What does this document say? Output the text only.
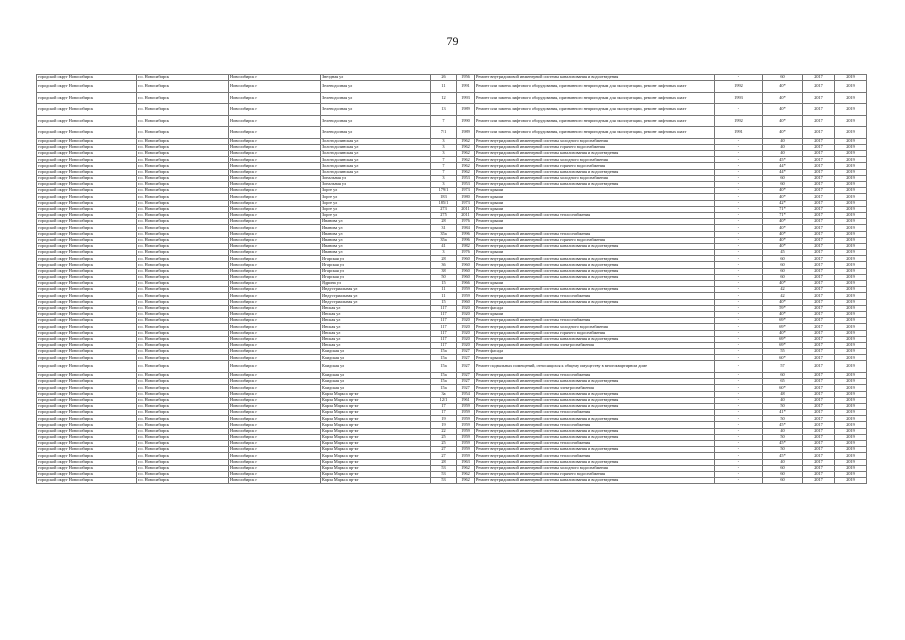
79
городской округ Новосибирск	г.о. Новосибирск	Новосибирск г	Звездная ул	26	1956	Ремонт внутридомовой инженерной системы канализования и водоотведения	-	60	2017	2019
городской округ Новосибирск	г.о. Новосибирск	Новосибирск г	Зеленодолная ул	11	1991	Ремонт или замена лифтового оборудования, признанного непригодным для эксплуатации, ремонт лифтовых шахт	1992	40*	2017	2019
городской округ Новосибирск	г.о. Новосибирск	Новосибирск г	Зеленодолная ул	12	1993	Ремонт или замена лифтового оборудования, признанного непригодным для эксплуатации, ремонт лифтовых шахт	1993	40*	2017	2019
городской округ Новосибирск	г.о. Новосибирск	Новосибирск г	Зеленодолная ул	13	1989	Ремонт или замена лифтового оборудования, признанного непригодным для эксплуатации, ремонт лифтовых шахт	-	40*	2017	2019
городской округ Новосибирск	г.о. Новосибирск	Новосибирск г	Зеленодолная ул	7	1990	Ремонт или замена лифтового оборудования, признанного непригодным для эксплуатации, ремонт лифтовых шахт	1992	40*	2017	2019
городской округ Новосибирск	г.о. Новосибирск	Новосибирск г	Зеленодолная ул	7/1	1989	Ремонт или замена лифтового оборудования, признанного непригодным для эксплуатации, ремонт лифтовых шахт	1991	40*	2017	2019
городской округ Новосибирск	г.о. Новосибирск	Новосибирск г	Золотодолинская ул	3	1962	Ремонт внутридомовой инженерной системы холодного водоснабжения	-	40	2017	2019
городской округ Новосибирск	г.о. Новосибирск	Новосибирск г	Золотодолинская ул	3	1962	Ремонт внутридомовой инженерной системы горячего водоснабжения	-	40	2017	2019
городской округ Новосибирск	г.о. Новосибирск	Новосибирск г	Золотодолинская ул	3	1962	Ремонт внутридомовой инженерной системы канализования и водоотведения	-	40	2017	2019
городской округ Новосибирск	г.о. Новосибирск	Новосибирск г	Золотодолинская ул	7	1962	Ремонт внутридомовой инженерной системы холодного водоснабжения	-	45*	2017	2019
городской округ Новосибирск	г.о. Новосибирск	Новосибирск г	Золотодолинская ул	7	1962	Ремонт внутридомовой инженерной системы горячего водоснабжения	-	44*	2017	2019
городской округ Новосибирск	г.о. Новосибирск	Новосибирск г	Золотодолинская ул	7	1962	Ремонт внутридомовой инженерной системы канализования и водоотведения	-	44*	2017	2019
городской округ Новосибирск	г.о. Новосибирск	Новосибирск г	Зональная ул	3	1953	Ремонт внутридомовой инженерной системы холодного водоснабжения	-	60	2017	2019
городской округ Новосибирск	г.о. Новосибирск	Новосибирск г	Зональная ул	3	1953	Ремонт внутридомовой инженерной системы канализования и водоотведения	-	60	2017	2019
городской округ Новосибирск	г.о. Новосибирск	Новосибирск г	Зорге ул	179/1	1973	Ремонт крыши	-	40*	2017	2019
городской округ Новосибирск	г.о. Новосибирск	Новосибирск г	Зорге ул	183	1980	Ремонт крыши	-	40*	2017	2019
городской округ Новосибирск	г.о. Новосибирск	Новосибирск г	Зорге ул	185/1	1973	Ремонт крыши	-	42*	2017	2019
городской округ Новосибирск	г.о. Новосибирск	Новосибирск г	Зорге ул	273	2011	Ремонт крыши	-	71*	2017	2019
городской округ Новосибирск	г.о. Новосибирск	Новосибирск г	Зорге ул	275	2011	Ремонт внутридомовой инженерной системы теплоснабжения	-	71*	2017	2019
городской округ Новосибирск	г.о. Новосибирск	Новосибирск г	Иванова ул	28	1976	Ремонт крыши	-	40*	2017	2019
городской округ Новосибирск	г.о. Новосибирск	Новосибирск г	Иванова ул	31	1984	Ремонт крыши	-	40*	2017	2019
городской округ Новосибирск	г.о. Новосибирск	Новосибирск г	Иванова ул	35а	1996	Ремонт внутридомовой инженерной системы теплоснабжения	-	40*	2017	2019
городской округ Новосибирск	г.о. Новосибирск	Новосибирск г	Иванова ул	35а	1996	Ремонт внутридомовой инженерной системы горячего водоснабжения	-	40*	2017	2019
городской округ Новосибирск	г.о. Новосибирск	Новосибирск г	Иванова ул	41	1982	Ремонт внутридомовой инженерной системы канализования и водоотведения	-	40*	2017	2019
городской округ Новосибирск	г.о. Новосибирск	Новосибирск г	Иванова ул	3	1976	Ремонт крыши	-	45	2017	2019
городской округ Новосибирск	г.о. Новосибирск	Новосибирск г	Игарская ул	28	1960	Ремонт внутридомовой инженерной системы канализования и водоотведения	-	60	2017	2019
городской округ Новосибирск	г.о. Новосибирск	Новосибирск г	Игарская ул	36	1960	Ремонт внутридомовой инженерной системы канализования и водоотведения	-	60	2017	2019
городской округ Новосибирск	г.о. Новосибирск	Новосибирск г	Игарская ул	38	1960	Ремонт внутридомовой инженерной системы канализования и водоотведения	-	60	2017	2019
городской округ Новосибирск	г.о. Новосибирск	Новосибирск г	Игарская ул	50	1960	Ремонт внутридомовой инженерной системы канализования и водоотведения	-	60	2017	2019
городской округ Новосибирск	г.о. Новосибирск	Новосибирск г	Ядрина ул	15	1966	Ремонт крыши	-	40*	2017	2019
городской округ Новосибирск	г.о. Новосибирск	Новосибирск г	Индустриальная ул	11	1959	Ремонт внутридомовой инженерной системы канализования и водоотведения	-	42	2017	2019
городской округ Новосибирск	г.о. Новосибирск	Новосибирск г	Индустриальная ул	11	1959	Ремонт внутридомовой инженерной системы теплоснабжения	-	42	2017	2019
городской округ Новосибирск	г.о. Новосибирск	Новосибирск г	Индустриальная ул	15	1960	Ремонт внутридомовой инженерной системы канализования и водоотведения	-	40*	2017	2019
городской округ Новосибирск	г.о. Новосибирск	Новосибирск г	Инская ул	117	1920	Ремонт фасада	-	59*	2017	2019
городской округ Новосибирск	г.о. Новосибирск	Новосибирск г	Инская ул	117	1920	Ремонт крыши	-	40*	2017	2019
городской округ Новосибирск	г.о. Новосибирск	Новосибирск г	Инская ул	117	1920	Ремонт внутридомовой инженерной системы теплоснабжения	-	69*	2017	2019
городской округ Новосибирск	г.о. Новосибирск	Новосибирск г	Инская ул	117	1920	Ремонт внутридомовой инженерной системы холодного водоснабжения	-	69*	2017	2019
городской округ Новосибирск	г.о. Новосибирск	Новосибирск г	Инская ул	117	1920	Ремонт внутридомовой инженерной системы горячего водоснабжения	-	40*	2017	2019
городской округ Новосибирск	г.о. Новосибирск	Новосибирск г	Инская ул	117	1920	Ремонт внутридомовой инженерной системы канализования и водоотведения	-	69*	2017	2019
городской округ Новосибирск	г.о. Новосибирск	Новосибирск г	Инская ул	117	1920	Ремонт внутридомовой инженерной системы электроснабжения	-	69*	2017	2019
городской округ Новосибирск	г.о. Новосибирск	Новосибирск г	Каидская ул	15а	1927	Ремонт фасада	-	55	2017	2019
городской округ Новосибирск	г.о. Новосибирск	Новосибирск г	Каидская ул	15а	1927	Ремонт крыши	-	60*	2017	2019
городской округ Новосибирск	г.о. Новосибирск	Новосибирск г	Каидская ул	15а	1927	Ремонт подвальных помещений, относящихся к общему имуществу в многоквартирном доме	-	57	2017	2019
городской округ Новосибирск	г.о. Новосибирск	Новосибирск г	Каидская ул	15а	1927	Ремонт внутридомовой инженерной системы теплоснабжения	-	60	2017	2019
городской округ Новосибирск	г.о. Новосибирск	Новосибирск г	Каидская ул	15а	1927	Ремонт внутридомовой инженерной системы канализования и водоотведения	-	65	2017	2019
городской округ Новосибирск	г.о. Новосибирск	Новосибирск г	Каидская ул	15а	1927	Ремонт внутридомовой инженерной системы электроснабжения	-	60*	2017	2019
городской округ Новосибирск	г.о. Новосибирск	Новосибирск г	Карла Маркса пр-кт	3а	1954	Ремонт внутридомовой инженерной системы канализования и водоотведения	-	48	2017	2019
городской округ Новосибирск	г.о. Новосибирск	Новосибирск г	Карла Маркса пр-кт	12/1	1961	Ремонт внутридомовой инженерной системы канализования и водоотведения	-	40	2017	2019
городской округ Новосибирск	г.о. Новосибирск	Новосибирск г	Карла Маркса пр-кт	17	1959	Ремонт внутридомовой инженерной системы канализования и водоотведения	-	50	2017	2019
городской округ Новосибирск	г.о. Новосибирск	Новосибирск г	Карла Маркса пр-кт	17	1959	Ремонт внутридомовой инженерной системы теплоснабжения	-	41*	2017	2019
городской округ Новосибирск	г.о. Новосибирск	Новосибирск г	Карла Маркса пр-кт	19	1959	Ремонт внутридомовой инженерной системы канализования и водоотведения	-	50	2017	2019
городской округ Новосибирск	г.о. Новосибирск	Новосибирск г	Карла Маркса пр-кт	19	1959	Ремонт внутридомовой инженерной системы теплоснабжения	-	45*	2017	2019
городской округ Новосибирск	г.о. Новосибирск	Новосибирск г	Карла Маркса пр-кт	22	1959	Ремонт внутридомовой инженерной системы канализования и водоотведения	-	40	2017	2019
городской округ Новосибирск	г.о. Новосибирск	Новосибирск г	Карла Маркса пр-кт	25	1959	Ремонт внутридомовой инженерной системы канализования и водоотведения	-	50	2017	2019
городской округ Новосибирск	г.о. Новосибирск	Новосибирск г	Карла Маркса пр-кт	25	1959	Ремонт внутридомовой инженерной системы теплоснабжения	-	45*	2017	2019
городской округ Новосибирск	г.о. Новосибирск	Новосибирск г	Карла Маркса пр-кт	27	1959	Ремонт внутридомовой инженерной системы канализования и водоотведения	-	50	2017	2019
городской округ Новосибирск	г.о. Новосибирск	Новосибирск г	Карла Маркса пр-кт	27	1959	Ремонт внутридомовой инженерной системы теплоснабжения	-	45*	2017	2019
городской округ Новосибирск	г.о. Новосибирск	Новосибирск г	Карла Маркса пр-кт	28	1963	Ремонт внутридомовой инженерной системы канализования и водоотведения	-	40	2017	2019
городской округ Новосибирск	г.о. Новосибирск	Новосибирск г	Карла Маркса пр-кт	53	1962	Ремонт внутридомовой инженерной системы холодного водоснабжения	-	60	2017	2019
городской округ Новосибирск	г.о. Новосибирск	Новосибирск г	Карла Маркса пр-кт	53	1962	Ремонт внутридомовой инженерной системы горячего водоснабжения	-	60	2017	2019
городской округ Новосибирск	г.о. Новосибирск	Новосибирск г	Карла Маркса пр-кт	53	1962	Ремонт внутридомовой инженерной системы канализования и водоотведения	-	60	2017	2019
